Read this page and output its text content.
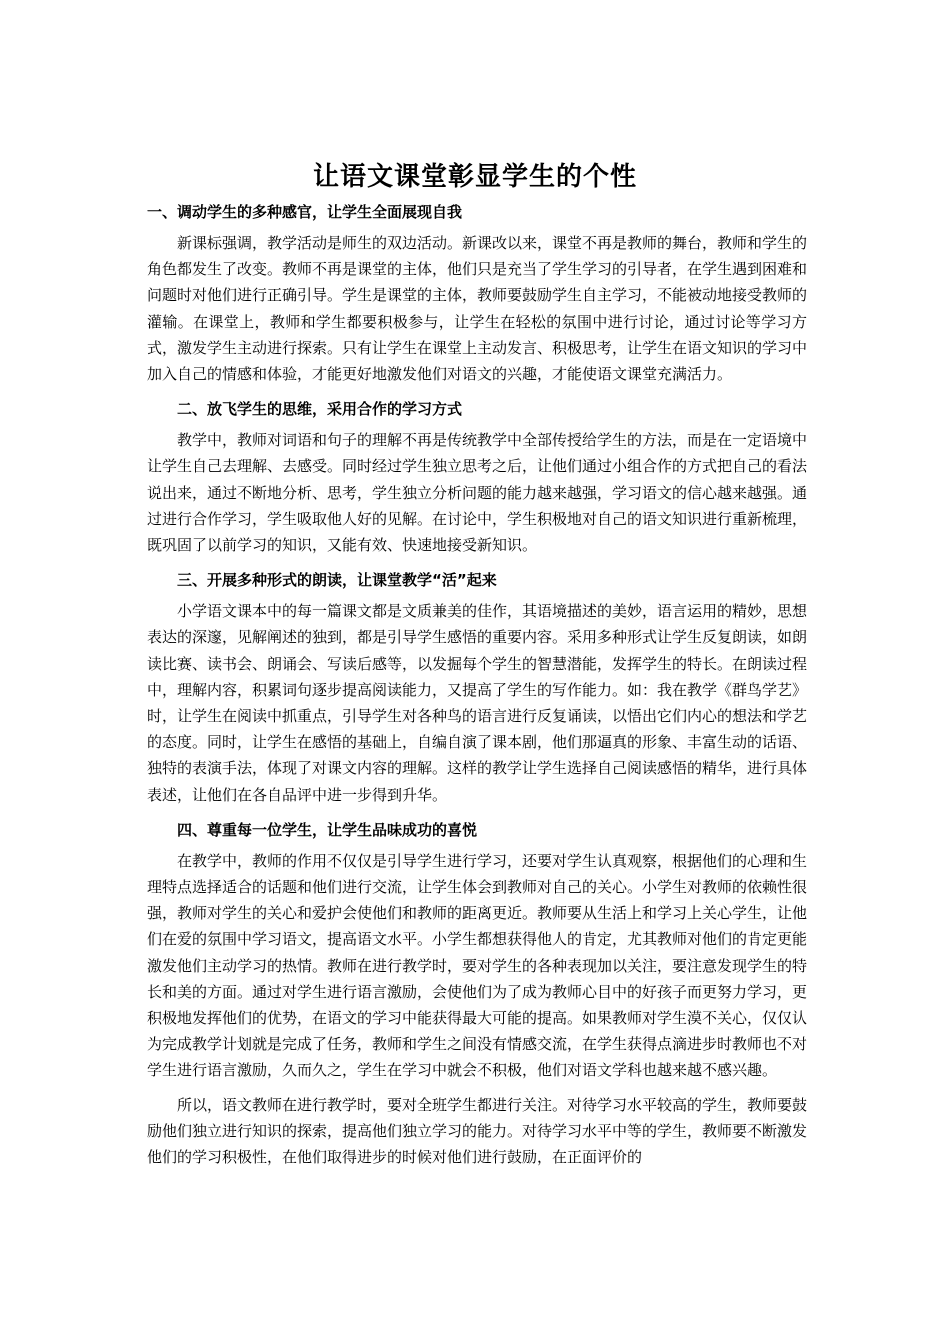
让语文课堂彰显学生的个性
一、调动学生的多种感官，让学生全面展现自我

新课标强调，教学活动是师生的双边活动。新课改以来，课堂不再是教师的舞台，教师和学生的角色都发生了改变。教师不再是课堂的主体，他们只是充当了学生学习的引导者，在学生遇到困难和问题时对他们进行正确引导。学生是课堂的主体，教师要鼓励学生自主学习，不能被动地接受教师的灌输。在课堂上，教师和学生都要积极参与，让学生在轻松的氛围中进行讨论，通过讨论等学习方式，激发学生主动进行探索。只有让学生在课堂上主动发言、积极思考，让学生在语文知识的学习中加入自己的情感和体验，才能更好地激发他们对语文的兴趣，才能使语文课堂充满活力。

二、放飞学生的思维，采用合作的学习方式

教学中，教师对词语和句子的理解不再是传统教学中全部传授给学生的方法，而是在一定语境中让学生自己去理解、去感受。同时经过学生独立思考之后，让他们通过小组合作的方式把自己的看法说出来，通过不断地分析、思考，学生独立分析问题的能力越来越强，学习语文的信心越来越强。通过进行合作学习，学生吸取他人好的见解。在讨论中，学生积极地对自己的语文知识进行重新梳理，既巩固了以前学习的知识，又能有效、快速地接受新知识。

三、开展多种形式的朗读，让课堂教学“活”起来

小学语文课本中的每一篇课文都是文质兼美的佳作，其语境描述的美妙，语言运用的精妙，思想表达的深邃，见解阐述的独到，都是引导学生感悟的重要内容。采用多种形式让学生反复朗读，如朗读比赛、读书会、朗诵会、写读后感等，以发掘每个学生的智慧潜能，发挥学生的特长。在朗读过程中，理解内容，积累词句逐步提高阅读能力，又提高了学生的写作能力。如：我在教学《群鸟学艺》时，让学生在阅读中抓重点，引导学生对各种鸟的语言进行反复诵读，以悟出它们内心的想法和学艺的态度。同时，让学生在感悟的基础上，自编自演了课本剧，他们那逼真的形象、丰富生动的话语、独特的表演手法，体现了对课文内容的理解。这样的教学让学生选择自己阅读感悟的精华，进行具体表述，让他们在各自品评中进一步得到升华。

四、尊重每一位学生，让学生品味成功的喜悦

在教学中，教师的作用不仅仅是引导学生进行学习，还要对学生认真观察，根据他们的心理和生理特点选择适合的话题和他们进行交流，让学生体会到教师对自己的关心。小学生对教师的依赖性很强，教师对学生的关心和爱护会使他们和教师的距离更近。教师要从生活上和学习上关心学生，让他们在爱的氛围中学习语文，提高语文水平。小学生都想获得他人的肯定，尤其教师对他们的肯定更能激发他们主动学习的热情。教师在进行教学时，要对学生的各种表现加以关注，要注意发现学生的特长和美的方面。通过对学生进行语言激励，会使他们为了成为教师心目中的好孩子而更努力学习，更积极地发挥他们的优势，在语文的学习中能获得最大可能的提高。如果教师对学生漠不关心，仅仅认为完成教学计划就是完成了任务，教师和学生之间没有情感交流，在学生获得点滴进步时教师也不对学生进行语言激励，久而久之，学生在学习中就会不积极，他们对语文学科也越来越不感兴趣。

所以，语文教师在进行教学时，要对全班学生都进行关注。对待学习水平较高的学生，教师要鼓励他们独立进行知识的探索，提高他们独立学习的能力。对待学习水平中等的学生，教师要不断激发他们的学习积极性，在他们取得进步的时候对他们进行鼓励，在正面评价的
